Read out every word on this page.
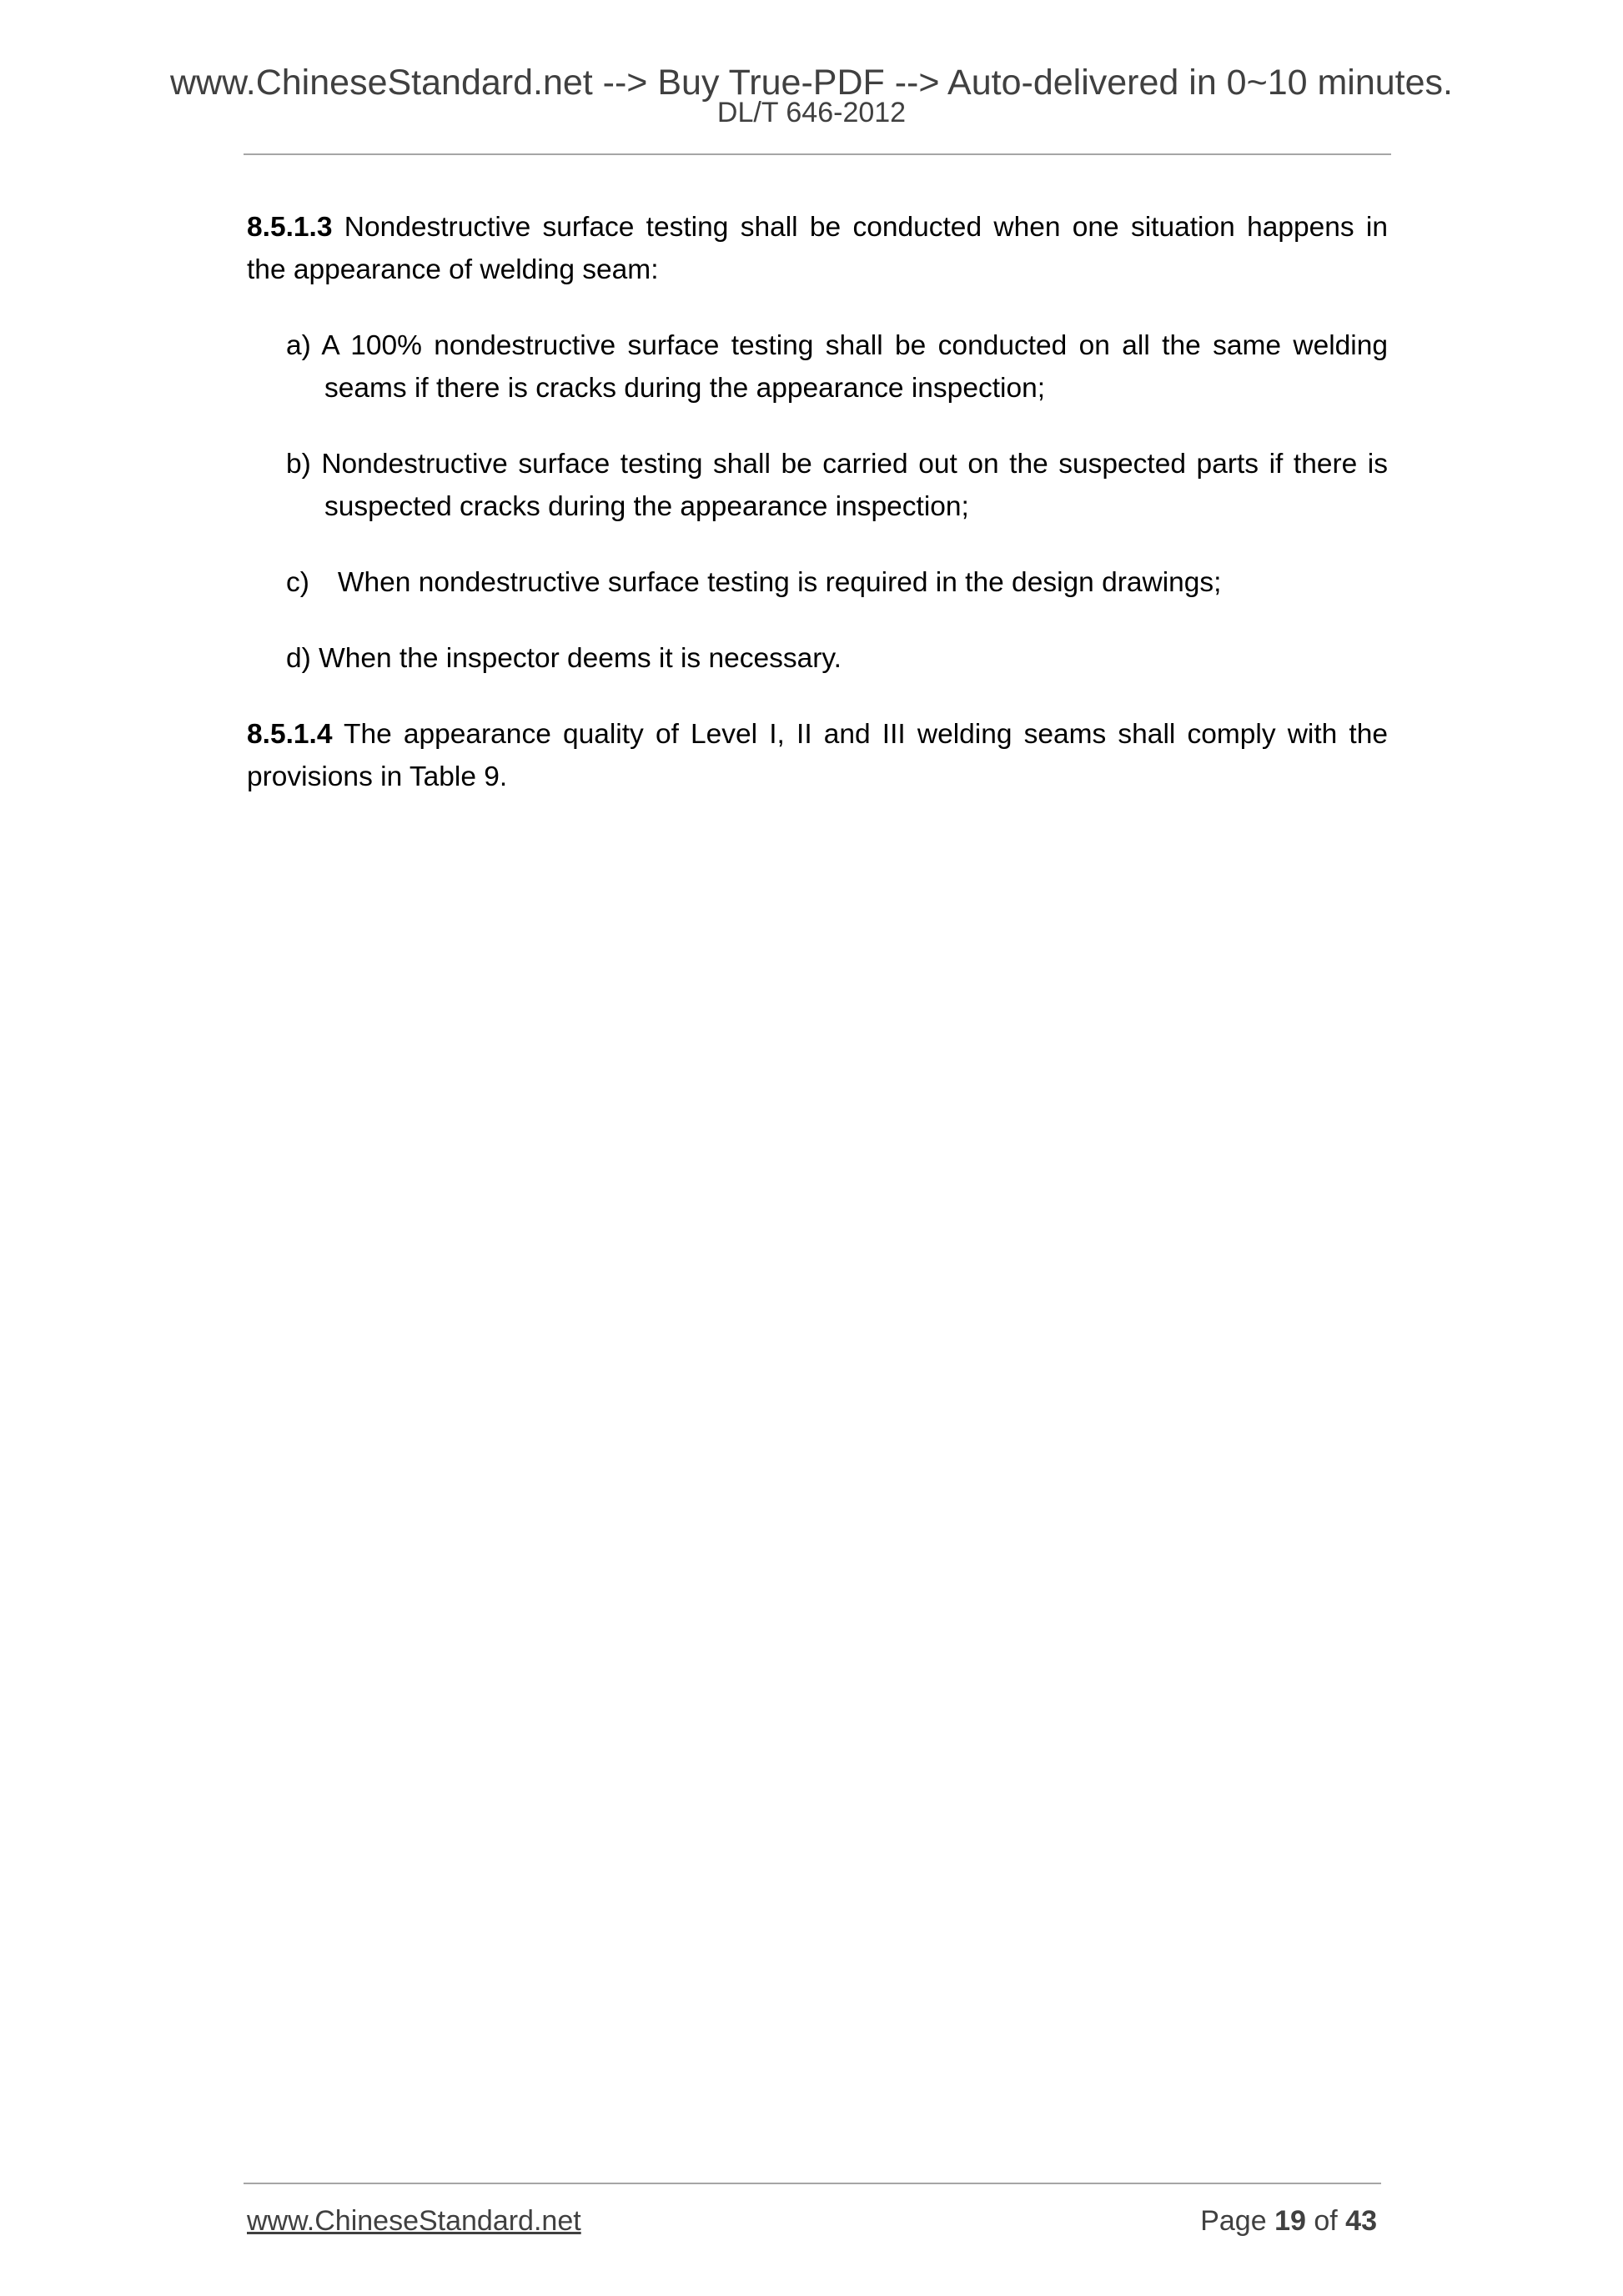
www.ChineseStandard.net --> Buy True-PDF --> Auto-delivered in 0~10 minutes.
DL/T 646-2012

8.5.1.3 Nondestructive surface testing shall be conducted when one situation happens in the appearance of welding seam:

a) A 100% nondestructive surface testing shall be conducted on all the same welding seams if there is cracks during the appearance inspection;

b) Nondestructive surface testing shall be carried out on the suspected parts if there is suspected cracks during the appearance inspection;

c) When nondestructive surface testing is required in the design drawings;

d) When the inspector deems it is necessary.

8.5.1.4 The appearance quality of Level I, II and III welding seams shall comply with the provisions in Table 9.

www.ChineseStandard.net	Page 19 of 43
